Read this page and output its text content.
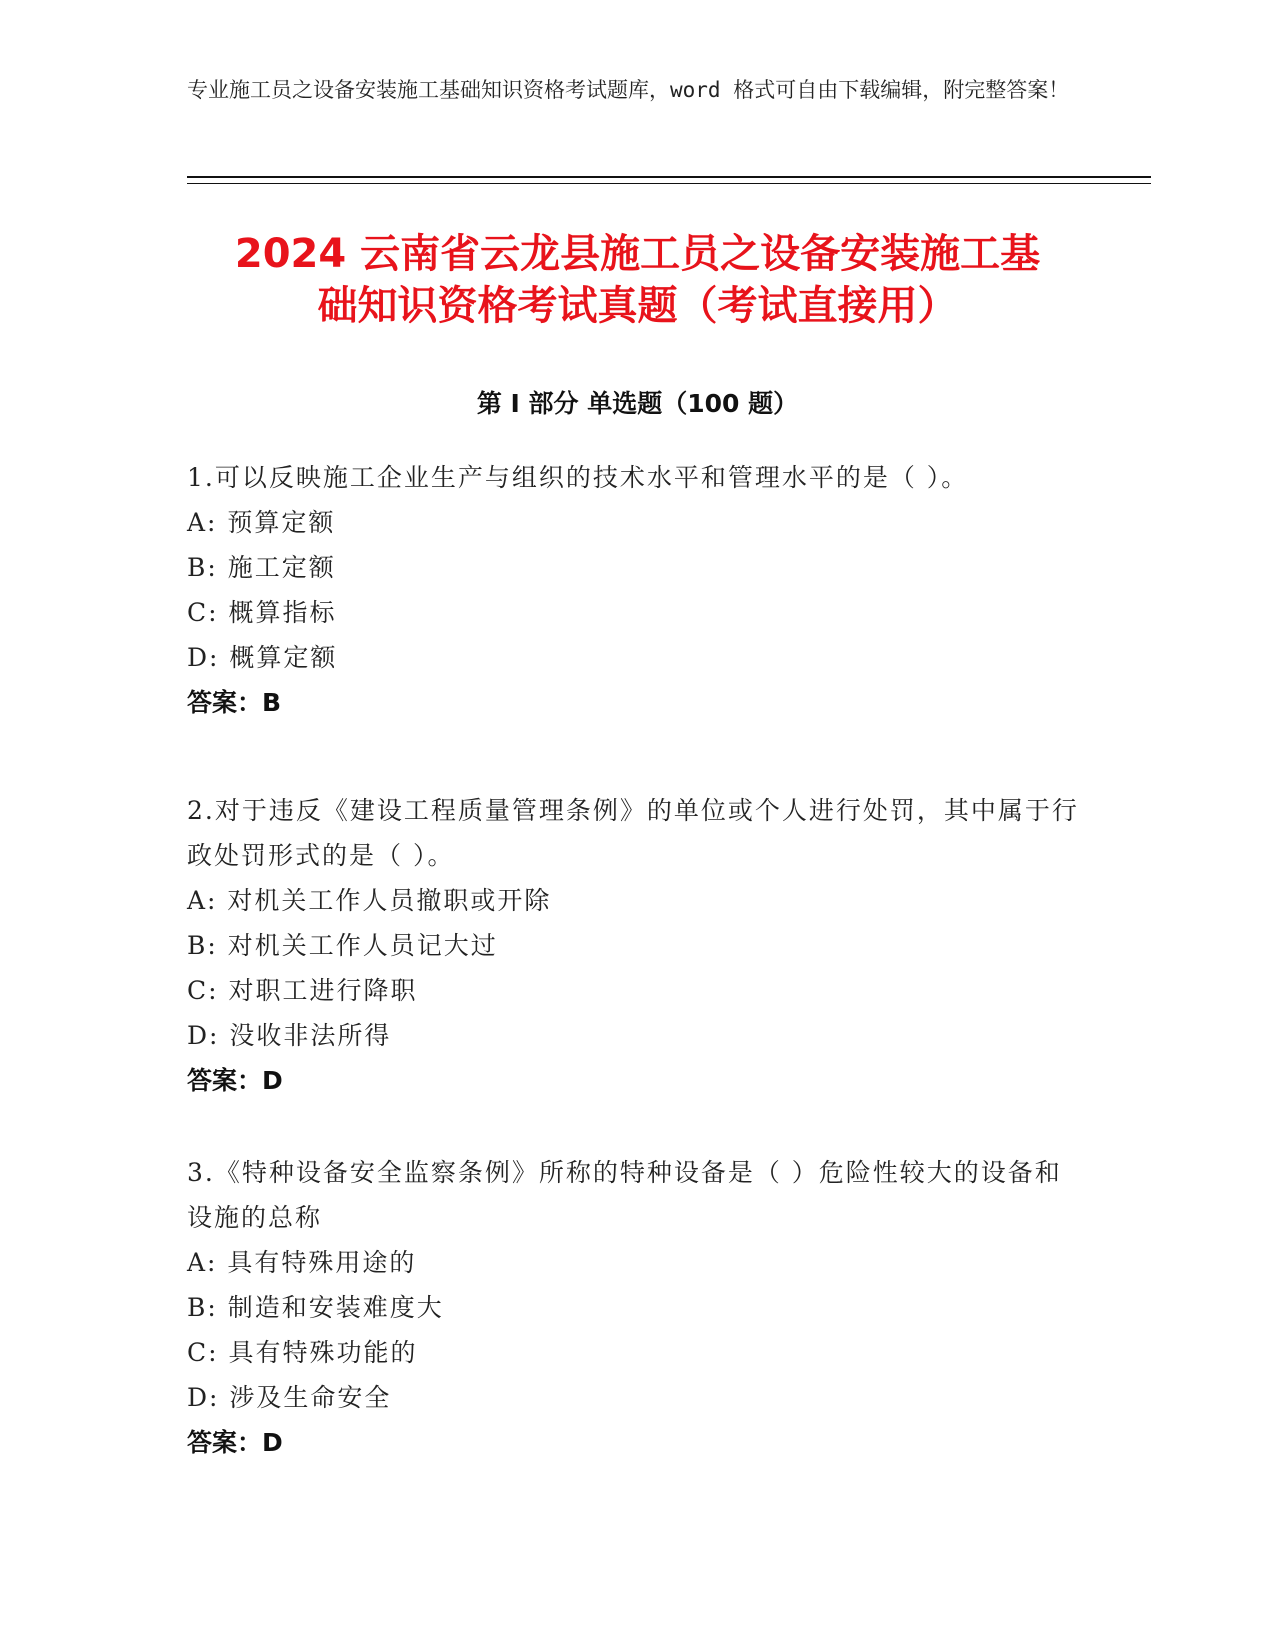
专业施工员之设备安装施工基础知识资格考试题库，word 格式可自由下载编辑，附完整答案！
2024 云南省云龙县施工员之设备安装施工基
础知识资格考试真题（考试直接用）
第 I 部分 单选题（100 题）
1.可以反映施工企业生产与组织的技术水平和管理水平的是（ ）。
A: 预算定额
B: 施工定额
C: 概算指标
D: 概算定额
答案：B
2.对于违反《建设工程质量管理条例》的单位或个人进行处罚，其中属于行政处罚形式的是（ ）。
A: 对机关工作人员撤职或开除
B: 对机关工作人员记大过
C: 对职工进行降职
D: 没收非法所得
答案：D
3.《特种设备安全监察条例》所称的特种设备是（ ）危险性较大的设备和设施的总称
A: 具有特殊用途的
B: 制造和安装难度大
C: 具有特殊功能的
D: 涉及生命安全
答案：D
